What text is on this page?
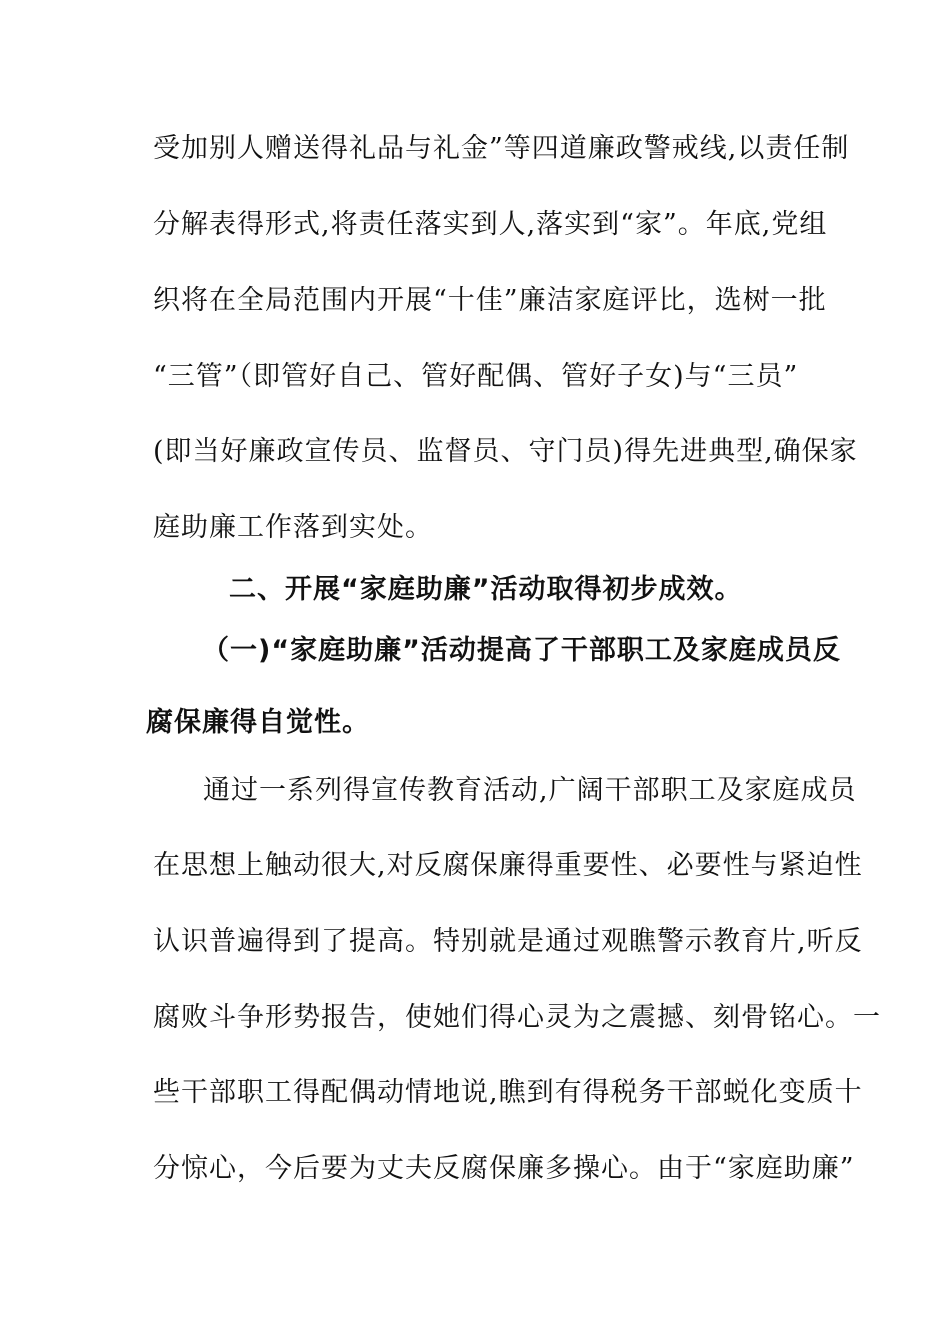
受加别人赠送得礼品与礼金”等四道廉政警戒线,以责任制
分解表得形式,将责任落实到人,落实到“家”。年底,党组
织将在全局范围内开展“十佳”廉洁家庭评比，选树一批
“三管”（即管好自己、管好配偶、管好子女)与“三员”
(即当好廉政宣传员、监督员、守门员)得先进典型,确保家
庭助廉工作落到实处。
二、开展“家庭助廉”活动取得初步成效。
（一)“家庭助廉”活动提高了干部职工及家庭成员反
腐保廉得自觉性。
通过一系列得宣传教育活动,广阔干部职工及家庭成员
在思想上触动很大,对反腐保廉得重要性、必要性与紧迫性
认识普遍得到了提高。特别就是通过观瞧警示教育片,听反
腐败斗争形势报告，使她们得心灵为之震撼、刻骨铭心。一
些干部职工得配偶动情地说,瞧到有得税务干部蜕化变质十
分惊心，今后要为丈夫反腐保廉多操心。由于“家庭助廉”
